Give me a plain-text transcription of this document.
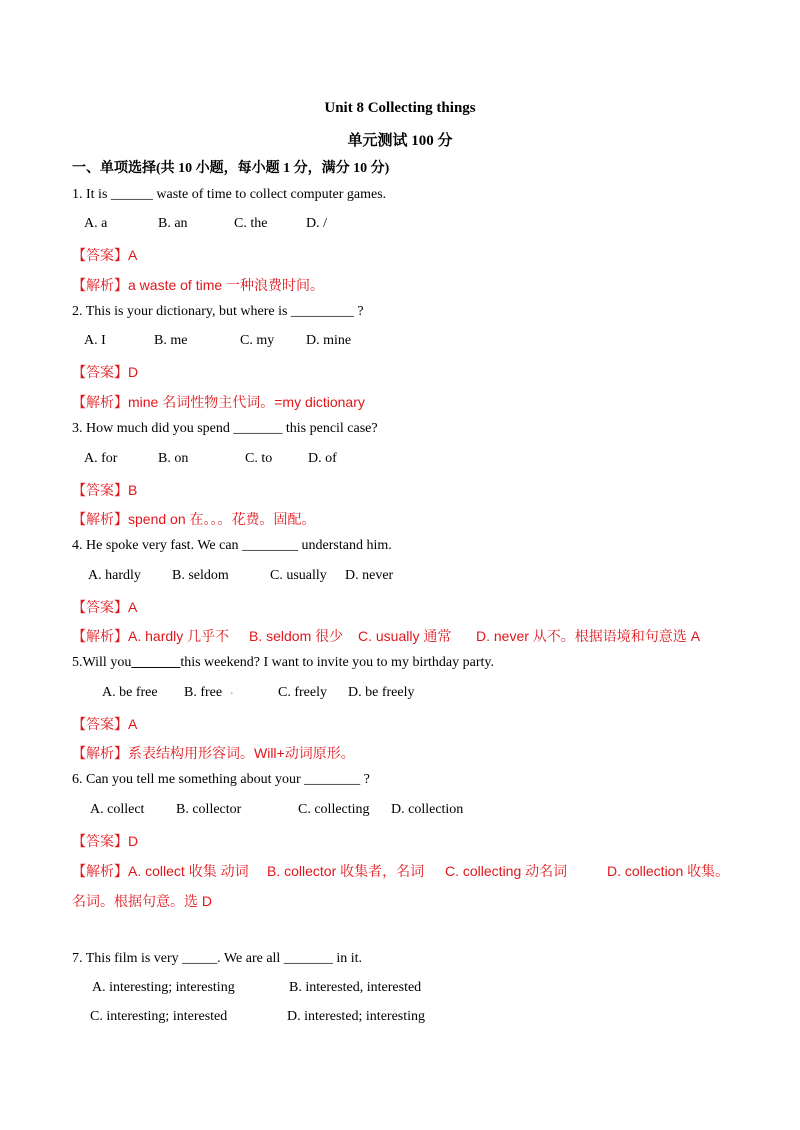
Unit 8 Collecting things
单元测试 100 分
一、单项选择(共 10 小题，每小题 1 分，满分 10 分)
1. It is ______ waste of time to collect computer games.
A. a	B. an	C. the	D. /
【答案】A
【解析】a waste of time 一种浪费时间。
2. This is your dictionary, but where is _________ ?
A. I	B. me	C. my D. mine
【答案】D
【解析】mine 名词性物主代词。=my dictionary
3. How much did you spend _______ this pencil case?
A. for	B. on	C. to	D. of
【答案】B
【解析】spend on 在。。。花费。固配。
4. He spoke very fast. We can ________ understand him.
A. hardly B. seldom	C. usually D. never
【答案】A
【解析】A. hardly 几乎不 B. seldom 很少 C. usually 通常 D. never 从不。根据语境和句意选 A
5.Will you_______this weekend? I want to invite you to my birthday party.
A. be free B. free .	C. freely D. be freely
【答案】A
【解析】系表结构用形容词。Will+动词原形。
6. Can you tell me something about your ________ ?
A. collect B. collector	C. collecting D. collection
【答案】D
【解析】A. collect 收集 动词 B. collector 收集者，名词 C. collecting 动名词	D. collection 收集。
名词。根据句意。选 D
7. This film is very _____. We are all _______ in it.
A. interesting; interesting	B. interested, interested
C. interesting; interested	D. interested; interesting
